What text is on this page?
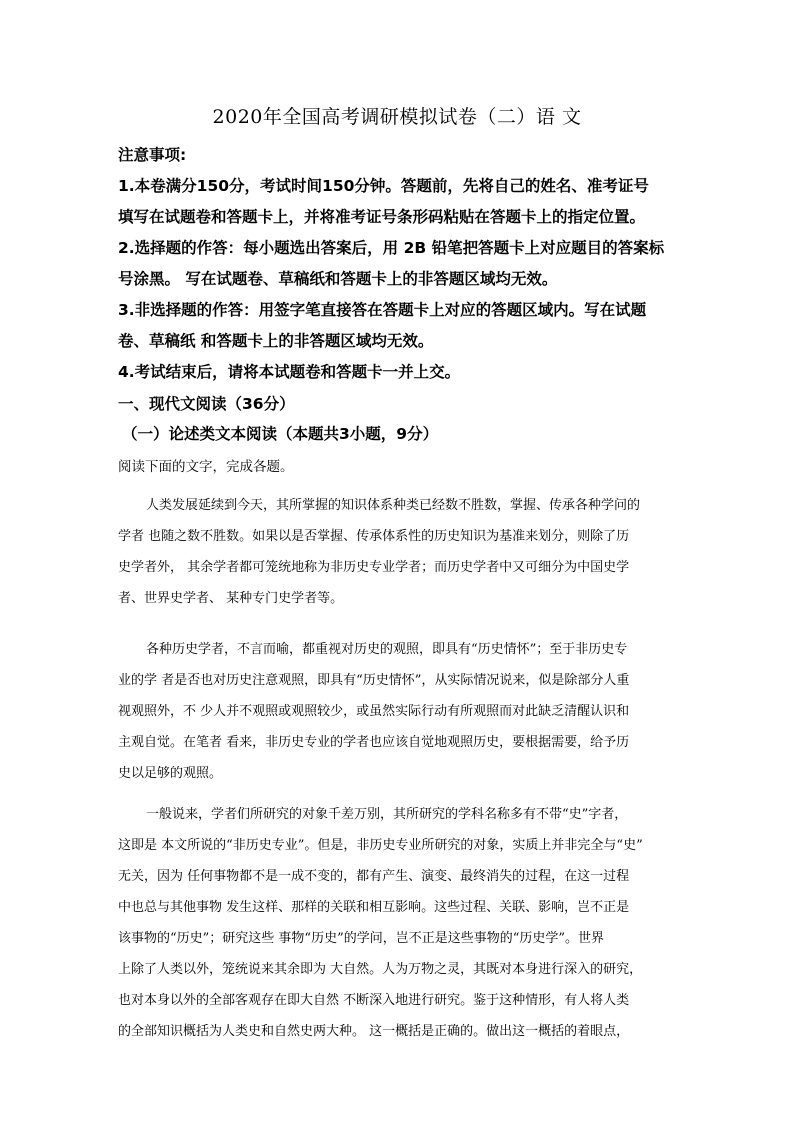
2020年全国高考调研模拟试卷（二）语 文
注意事项:
1.本卷满分150分，考试时间150分钟。答题前，先将自己的姓名、准考证号
填写在试题卷和答题卡上，并将准考证号条形码粘贴在答题卡上的指定位置。
2.选择题的作答：每小题选出答案后，用 2B 铅笔把答题卡上对应题目的答案标
号涂黑。 写在试题卷、草稿纸和答题卡上的非答题区域均无效。
3.非选择题的作答：用签字笔直接答在答题卡上对应的答题区域内。写在试题
卷、草稿纸 和答题卡上的非答题区域均无效。
4.考试结束后，请将本试题卷和答题卡一并上交。
一、现代文阅读（36分）
（一）论述类文本阅读（本题共3小题，9分）
阅读下面的文字，完成各题。

人类发展延续到今天，其所掌握的知识体系种类已经数不胜数，掌握、传承各种学问的
学者 也随之数不胜数。如果以是否掌握、传承体系性的历史知识为基准来划分，则除了历
史学者外， 其余学者都可笼统地称为非历史专业学者；而历史学者中又可细分为中国史学
者、世界史学者、 某种专门史学者等。

各种历史学者，不言而喻，都重视对历史的观照，即具有“历史情怀”；至于非历史专
业的学 者是否也对历史注意观照，即具有“历史情怀”，从实际情况说来，似是除部分人重
视观照外，不 少人并不观照或观照较少，或虽然实际行动有所观照而对此缺乏清醒认识和
主观自觉。在笔者 看来，非历史专业的学者也应该自觉地观照历史，要根据需要，给予历
史以足够的观照。
一般说来，学者们所研究的对象千差万别，其所研究的学科名称多有不带“史”字者，
这即是 本文所说的“非历史专业”。但是，非历史专业所研究的对象，实质上并非完全与“史”
无关，因为 任何事物都不是一成不变的，都有产生、演变、最终消失的过程，在这一过程
中也总与其他事物 发生这样、那样的关联和相互影响。这些过程、关联、影响，岂不正是
该事物的“历史”；研究这些 事物“历史”的学问，岂不正是这些事物的“历史学”。世界
上除了人类以外，笼统说来其余即为 大自然。人为万物之灵，其既对本身进行深入的研究，
也对本身以外的全部客观存在即大自然 不断深入地进行研究。鉴于这种情形，有人将人类
的全部知识概括为人类史和自然史两大种。 这一概括是正确的。做出这一概括的着眼点，
